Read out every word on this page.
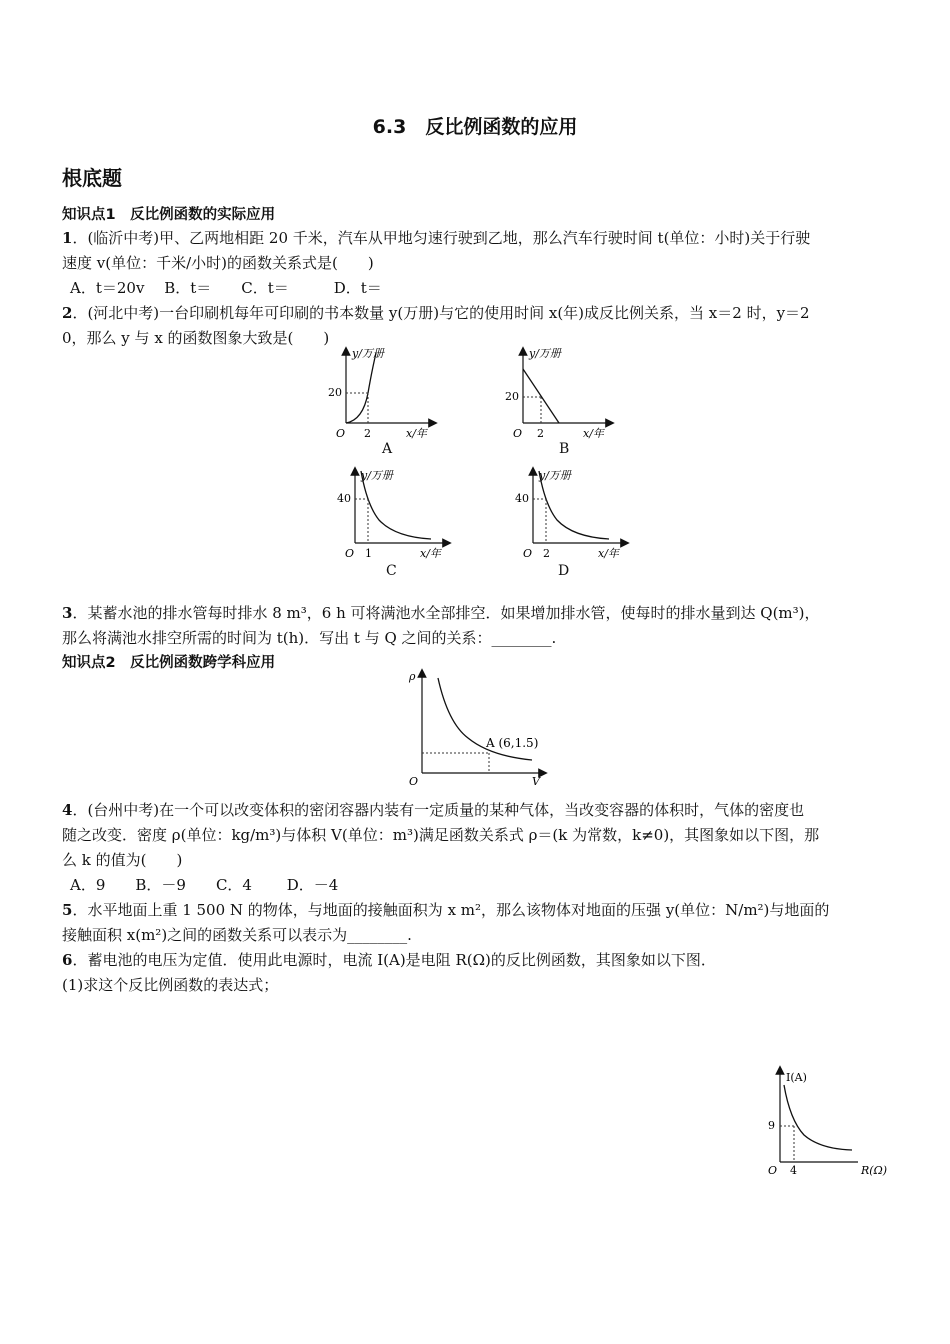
6.3　反比例函数的应用
根底题
知识点1　反比例函数的实际应用
1．(临沂中考)甲、乙两地相距 20 千米，汽车从甲地匀速行驶到乙地，那么汽车行驶时间 t(单位：小时)关于行驶
速度 v(单位：千米/小时)的函数关系式是(　　)
A．t＝20v　 B．t＝　　C．t＝　　　D．t＝
2．(河北中考)一台印刷机每年可印刷的书本数量 y(万册)与它的使用时间 x(年)成反比例关系，当 x＝2 时，y＝2
0，那么 y 与 x 的函数图象大致是(　　)
y/万册
20
2
O	x/年
A
y/万册
20
2
O	x/年
B
y/万册
40
1
O	x/年
C
y/万册
40
2
O	x/年
D
3．某蓄水池的排水管每时排水 8 m³，6 h 可将满池水全部排空．如果增加排水管，使每时的排水量到达 Q(m³)，
那么将满池水排空所需的时间为 t(h)．写出 t 与 Q 之间的关系：________.
知识点2　反比例函数跨学科应用
ρ
O	V
A (6,1.5)
4．(台州中考)在一个可以改变体积的密闭容器内装有一定质量的某种气体，当改变容器的体积时，气体的密度也
随之改变．密度 ρ(单位：kg/m³)与体积 V(单位：m³)满足函数关系式 ρ＝(k 为常数，k≠0)，其图象如以下图，那
么 k 的值为(　　)
A．9　　B．－9　　C．4　　 D．－4
5．水平地面上重 1 500 N 的物体，与地面的接触面积为 x m²，那么该物体对地面的压强 y(单位：N/m²)与地面的
接触面积 x(m²)之间的函数关系可以表示为________.
6．蓄电池的电压为定值．使用此电源时，电流 I(A)是电阻 R(Ω)的反比例函数，其图象如以下图．
(1)求这个反比例函数的表达式；
I(A)
9
4
O	R(Ω)
